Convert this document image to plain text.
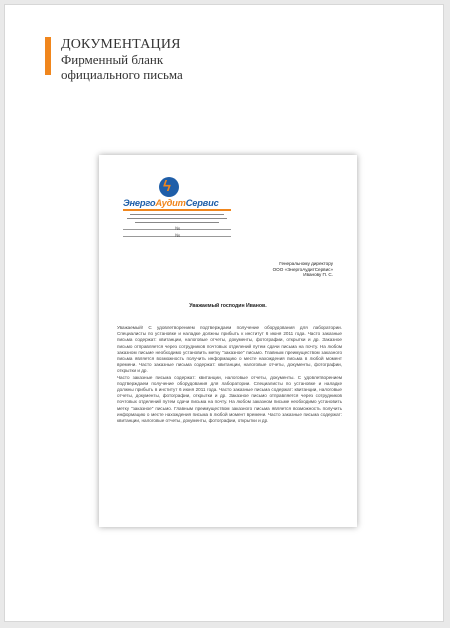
ДОКУМЕНТАЦИЯ
Фирменный бланк
официального письма
ϟ
ЭнергоАудитСервис
№
№
Генеральному директору
ООО «ЭнергоАудитСервис»
Иванову П. С.
Уважаемый господин Иванов.

Уважаемый! С удовлетворением подтверждаем получение оборудования для лаборатории. Специалисты по установке и наладке должны прибыть к институт 6 июня 2011 года. Часто заказные письма содержат: квитанции, налоговые отчеты, документы, фотографии, открытки и др. Заказное письмо отправляется через сотрудников почтовых отделений путем сдачи письма на почту. На любом заказном письме необходимо установить метку "заказное" письмо. Главным преимуществом заказного письма является возможность получить информацию о месте нахождения письма в любой момент времени. Часто заказные письма содержат: квитанции, налоговые отчеты, документы, фотографии, открытки и др.

Часто заказные письма содержат: квитанции, налоговые отчеты, документы. С удовлетворением подтверждаем получение оборудования для лаборатории. Специалисты по установке и наладке должны прибыть в институт 6 июня 2011 года. Часто заказные письма содержат: квитанции, налоговые отчеты, документы, фотографии, открытки и др. Заказное письмо отправляется через сотрудников почтовых отделений путем сдачи письма на почту. На любом заказном письме необходимо установить метку "заказное" письмо. Главным преимуществом заказного письма является возможность получить информацию о месте нахождения письма в любой момент времени. Часто заказные письма содержат: квитанции, налоговые отчеты, документы, фотографии, открытки и др.
